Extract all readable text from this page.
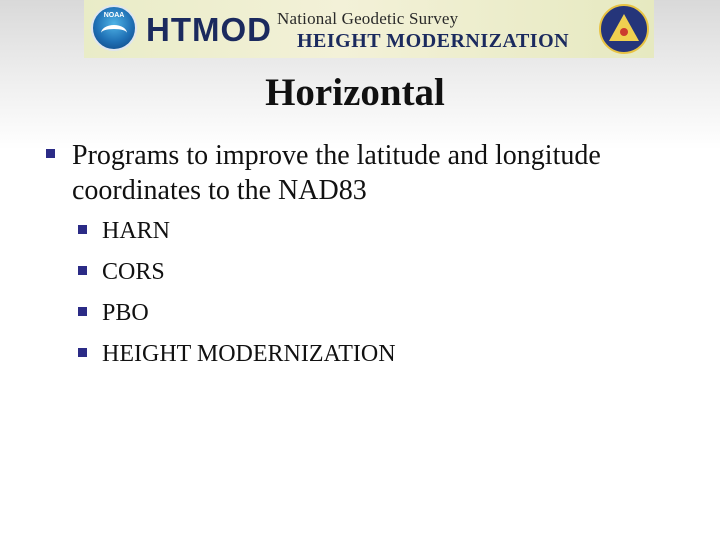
NOAA HTMOD National Geodetic Survey
HEIGHT MODERNIZATION
Horizontal
Programs to improve the latitude and longitude coordinates to the NAD83
HARN
CORS
PBO
HEIGHT MODERNIZATION
